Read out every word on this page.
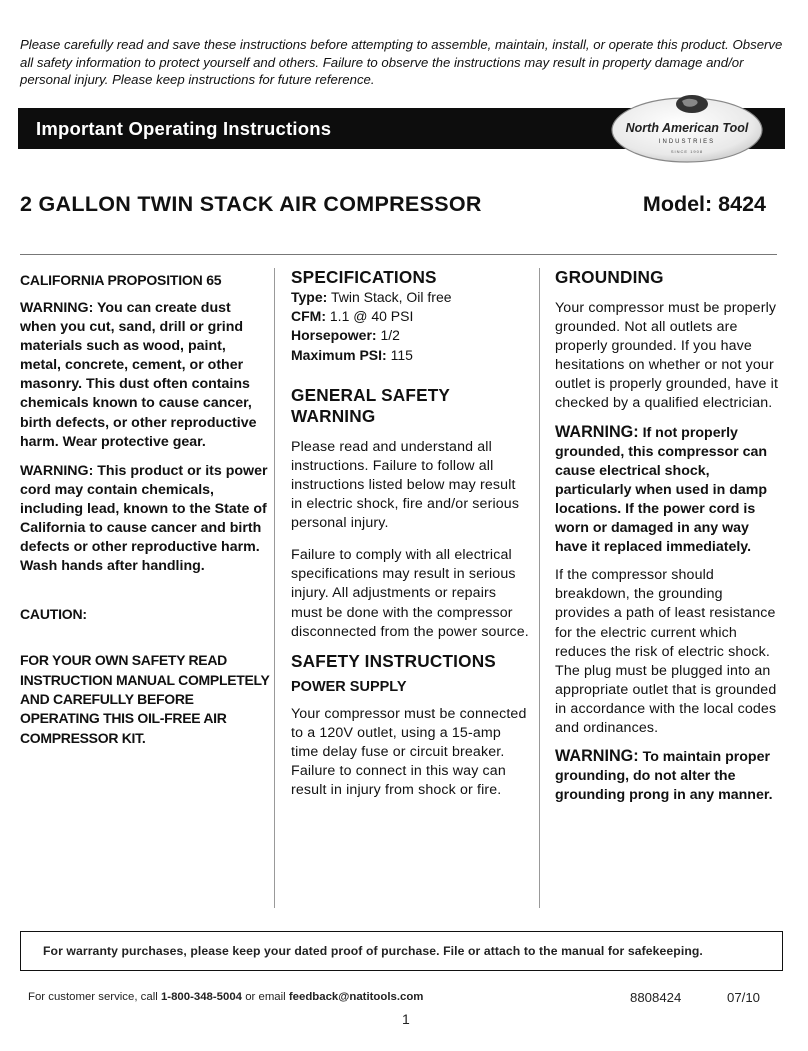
Please carefully read and save these instructions before attempting to assemble, maintain, install, or operate this product. Observe all safety information to protect yourself and others. Failure to observe the instructions may result in property damage and/or personal injury. Please keep instructions for future reference.
Important Operating Instructions	North American Tool
INDUSTRIES
SINCE 1908
2 GALLON TWIN STACK AIR COMPRESSOR	Model: 8424
CALIFORNIA PROPOSITION 65

WARNING: You can create dust when you cut, sand, drill or grind materials such as wood, paint, metal, concrete, cement, or other masonry. This dust often contains chemicals known to cause cancer, birth defects, or other reproductive harm. Wear protective gear.

WARNING: This product or its power cord may contain chemicals, including lead, known to the State of California to cause cancer and birth defects or other reproductive harm. Wash hands after handling.

CAUTION:
FOR YOUR OWN SAFETY READ INSTRUCTION MANUAL COMPLETELY AND CAREFULLY BEFORE OPERATING THIS OIL-FREE AIR COMPRESSOR KIT.
SPECIFICATIONS
Type: Twin Stack, Oil free
CFM: 1.1 @ 40 PSI
Horsepower: 1/2
Maximum PSI: 115
GENERAL SAFETY WARNING

Please read and understand all instructions. Failure to follow all instructions listed below may result in electric shock, fire and/or serious personal injury.

Failure to comply with all electrical specifications may result in serious injury. All adjustments or repairs must be done with the compressor disconnected from the power source.

SAFETY INSTRUCTIONS
POWER SUPPLY

Your compressor must be connected to a 120V outlet, using a 15-amp time delay fuse or circuit breaker. Failure to connect in this way can result in injury from shock or fire.

GROUNDING

Your compressor must be properly grounded. Not all outlets are properly grounded. If you have hesitations on whether or not your outlet is properly grounded, have it checked by a qualified electrician.

WARNING: If not properly grounded, this compressor can cause electrical shock, particularly when used in damp locations. If the power cord is worn or damaged in any way have it replaced immediately.

If the compressor should breakdown, the grounding provides a path of least resistance for the electric current which reduces the risk of electric shock. The plug must be plugged into an appropriate outlet that is grounded in accordance with the local codes and ordinances.

WARNING: To maintain proper grounding, do not alter the grounding prong in any manner.

For warranty purchases, please keep your dated proof of purchase. File or attach to the manual for safekeeping.
For customer service, call 1-800-348-5004 or email feedback@natitools.com	8808424	07/10
1
